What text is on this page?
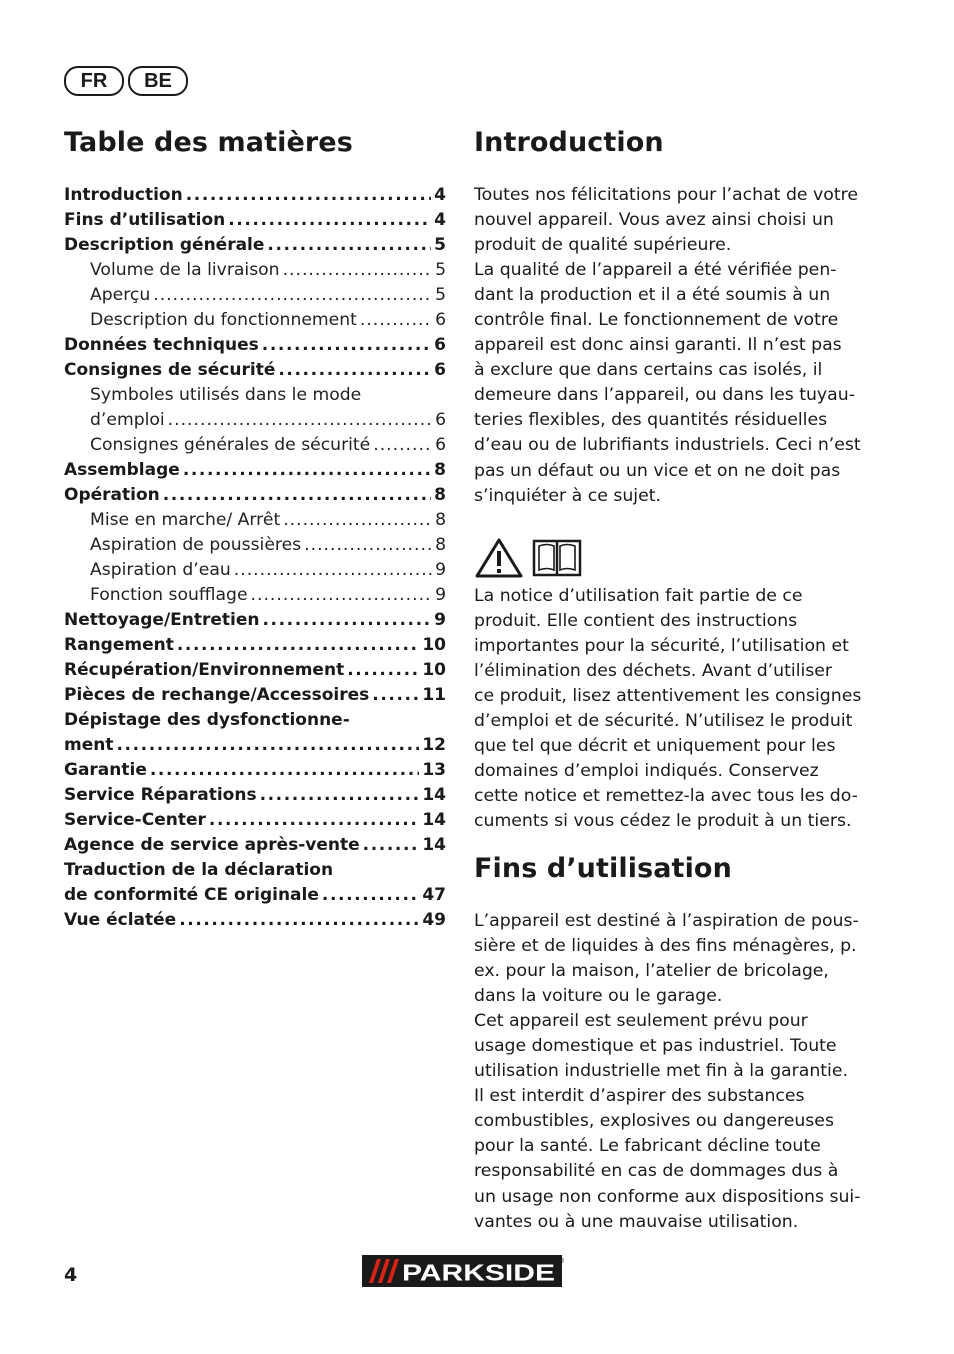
FR	BE
Table des matières
Introduction .....	4
Fins d’utilisation .....	4
Description générale .....	5
Volume de la livraison .....	5
Aperçu .....	5
Description du fonctionnement .....	6
Données techniques .....	6
Consignes de sécurité .....	6
Symboles utilisés dans le mode
d’emploi .....	6
Consignes générales de sécurité .....	6
Assemblage .....	8
Opération .....	8
Mise en marche/ Arrêt .....	8
Aspiration de poussières .....	8
Aspiration d’eau .....	9
Fonction soufflage .....	9
Nettoyage/Entretien .....	9
Rangement .....	10
Récupération/Environnement .....	10
Pièces de rechange/Accessoires .....	11
Dépistage des dysfonctionne-
ment .....	12
Garantie .....	13
Service Réparations .....	14
Service-Center .....	14
Agence de service après-vente .....	14
Traduction de la déclaration
de conformité CE originale .....	47
Vue éclatée .....	49
Introduction
Toutes nos félicitations pour l’achat de votre
nouvel appareil. Vous avez ainsi choisi un
produit de qualité supérieure.
La qualité de l’appareil a été vérifiée pen-
dant la production et il a été soumis à un
contrôle final. Le fonctionnement de votre
appareil est donc ainsi garanti. Il n’est pas
à exclure que dans certains cas isolés, il
demeure dans l’appareil, ou dans les tuyau-
teries flexibles, des quantités résiduelles
d’eau ou de lubrifiants industriels. Ceci n’est
pas un défaut ou un vice et on ne doit pas
s’inquiéter à ce sujet.
La notice d’utilisation fait partie de ce
produit. Elle contient des instructions
importantes pour la sécurité, l’utilisation et
l’élimination des déchets. Avant d’utiliser
ce produit, lisez attentivement les consignes
d’emploi et de sécurité. N’utilisez le produit
que tel que décrit et uniquement pour les
domaines d’emploi indiqués. Conservez
cette notice et remettez-la avec tous les do-
cuments si vous cédez le produit à un tiers.
Fins d’utilisation
L’appareil est destiné à l’aspiration de pous-
sière et de liquides à des fins ménagères, p.
ex. pour la maison, l’atelier de bricolage,
dans la voiture ou le garage.
Cet appareil est seulement prévu pour
usage domestique et pas industriel. Toute
utilisation industrielle met fin à la garantie.
Il est interdit d’aspirer des substances
combustibles, explosives ou dangereuses
pour la santé. Le fabricant décline toute
responsabilité en cas de dommages dus à
un usage non conforme aux dispositions sui-
vantes ou à une mauvaise utilisation.
4	PARKSIDE ®
